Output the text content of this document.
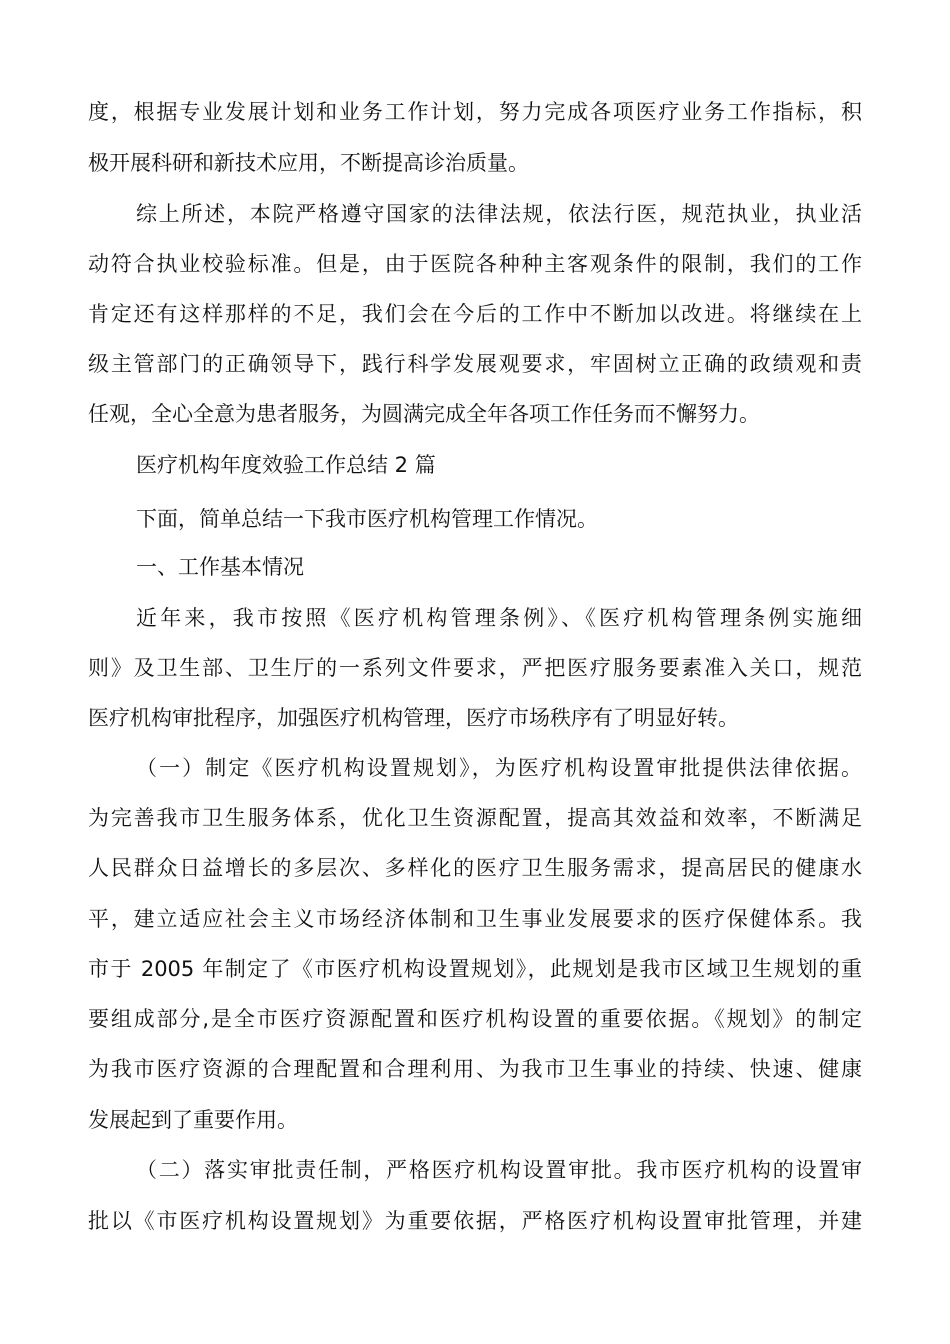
度，根据专业发展计划和业务工作计划，努力完成各项医疗业务工作指标，积
极开展科研和新技术应用，不断提高诊治质量。
综上所述，本院严格遵守国家的法律法规，依法行医，规范执业，执业活
动符合执业校验标准。但是，由于医院各种种主客观条件的限制，我们的工作
肯定还有这样那样的不足，我们会在今后的工作中不断加以改进。将继续在上
级主管部门的正确领导下，践行科学发展观要求，牢固树立正确的政绩观和责
任观，全心全意为患者服务，为圆满完成全年各项工作任务而不懈努力。
医疗机构年度效验工作总结 2 篇
下面，简单总结一下我市医疗机构管理工作情况。
一、工作基本情况
近年来，我市按照《医疗机构管理条例》、《医疗机构管理条例实施细
则》及卫生部、卫生厅的一系列文件要求，严把医疗服务要素准入关口，规范
医疗机构审批程序，加强医疗机构管理，医疗市场秩序有了明显好转。
（一）制定《医疗机构设置规划》，为医疗机构设置审批提供法律依据。
为完善我市卫生服务体系，优化卫生资源配置，提高其效益和效率，不断满足
人民群众日益增长的多层次、多样化的医疗卫生服务需求，提高居民的健康水
平，建立适应社会主义市场经济体制和卫生事业发展要求的医疗保健体系。我
市于 2005 年制定了《市医疗机构设置规划》，此规划是我市区域卫生规划的重
要组成部分,是全市医疗资源配置和医疗机构设置的重要依据。《规划》的制定
为我市医疗资源的合理配置和合理利用、为我市卫生事业的持续、快速、健康
发展起到了重要作用。
（二）落实审批责任制，严格医疗机构设置审批。我市医疗机构的设置审
批以《市医疗机构设置规划》为重要依据，严格医疗机构设置审批管理，并建
